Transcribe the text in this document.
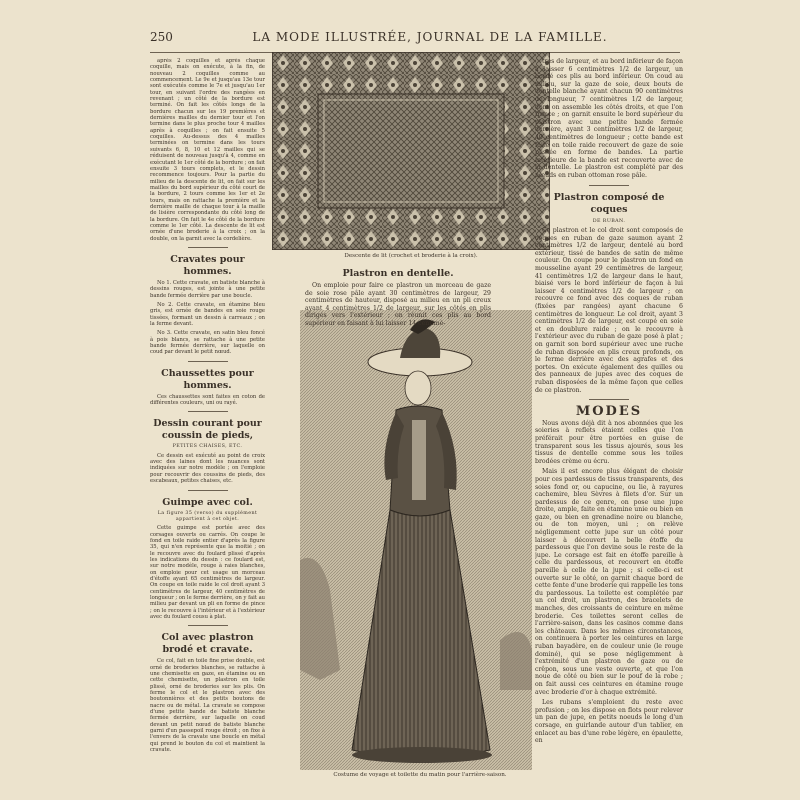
250	LA MODE ILLUSTRÉE, JOURNAL DE LA FAMILLE.
Descente de lit (crochet et broderie à la croix).
Costume de voyage et toilette du matin pour l'arrière-saison.

après 2 coquilles et après chaque coquille, mais on exécute, à la fin, de nouveau 2 coquilles comme au commencement. Le 9e et jusqu'au 13e tour sont exécutés comme le 7e et jusqu'au 1er tour, en suivant l'ordre des rangées en revenant ; un côté de la bordure est terminé. On fait les côtés longs de la bordure chacun sur les 19 premières et dernières mailles du dernier tour et l'on termine dans le plus proche tour 4 mailles après à coquilles ; on fait ensuite 5 coquilles. Au-dessus des 4 mailles terminées on termine dans les tours suivants 6, 8, 10 et 12 mailles qui se réduisent de nouveau jusqu'à 4, comme en exécutant le 1er côté de la bordure ; on fait ensuite 3 tours complets, et le dessin recommence toujours. Pour la partie du milieu de la descente de lit, on fait sur les mailles du bord supérieur du côté court de la bordure, 2 tours comme les 1er et 2e tours, mais on rattache la première et la dernière maille de chaque tour à la maille de lisière correspondante du côté long de la bordure. On fait le 4e côté de la bordure comme le 1er côté. La descente de lit est ornée d'une broderie à la croix ; on la double, on la garnit avec la cordelière.

Cravates pour hommes.

No 1. Cette cravate, en batiste blanche à dessins rouges, est jointe à une petite bande fermée derrière par une boucle.

No 2. Cette cravate, en étamine bleu gris, est ornée de bandes en soie rouge tissées, formant un dessin à carreaux ; on la ferme devant.

No 3. Cette cravate, en satin bleu foncé à pois blancs, se rattache à une petite bande fermée derrière, sur laquelle on coud par devant le petit nœud.

Chaussettes pour hommes.

Ces chaussettes sont faites en coton de différentes couleurs, uni ou rayé.

Dessin courant pour coussin de pieds,
PETITES CHAISES, ETC.

Ce dessin est exécuté au point de croix avec des laines dont les nuances sont indiquées sur notre modèle ; on l'emploie pour recouvrir des coussins de pieds, des escabeaux, petites chaises, etc.

Guimpe avec col.
La figure 35 (verso) du supplément appartient à cet objet.

Cette guimpe est portée avec des corsages ouverts ou carrés. On coupe le fond en toile raide entier d'après la figure 35, qui n'en représente que la moitié ; on le recouvre avec du foulard plissé d'après les indications du dessin : ce foulard est, sur notre modèle, rouge à raies blanches, on emploie pour cet usage un morceau d'étoffe ayant 65 centimètres de largeur. On coupe en toile raide le col droit ayant 3 centimètres de largeur, 40 centimètres de longueur ; on le ferme derrière, on y fait au milieu par devant un pli en forme de pince ; on le recouvre à l'intérieur et à l'extérieur avec du foulard cousu à plat.

Col avec plastron brodé et cravate.

Ce col, fait en toile fine prise double, est orné de broderies blanches, se rattache à une chemisette en gaze, en étamine ou en cette chemisette, un plastron en toile plissé, orné de broderies sur les plis. On ferme le col et le plastron avec des boutonnières et des petits boutons de nacre ou de métal. La cravate se compose d'une petite bande de batiste blanche fermée derrière, sur laquelle on coud devant un petit nœud de batiste blanche garni d'un passepoil rouge étroit ; on fixe à l'envers de la cravate une boucle en métal qui prend le bouton du col et maintient la cravate.

Plastron en dentelle.

On emploie pour faire ce plastron un morceau de gaze de soie rose pâle ayant 30 centimètres de largeur, 29 centimètres de hauteur, disposé au milieu en un pli creux ayant 4 centimètres 1/2 de largeur, sur les côtés en plis dirigés vers l'extérieur ; on réunit ces plis au bord supérieur en faisant à lui laisser 14 centimè-

tres de largeur, et au bord inférieur de façon à laisser 6 centimètres 1/2 de largeur, un bordé ces plis au bord inférieur. On coud au milieu, sur la gaze de soie, deux bouts de dentelle blanche ayant chacun 90 centimètres de longueur, 7 centimètres 1/2 de largeur, dont on assemble les côtés droits, et que l'on fronce ; on garnit ensuite le bord supérieur du plastron avec une petite bande fermée derrière, ayant 3 centimètres 1/2 de largeur, 40 centimètres de longueur ; cette bande est faite en toile raide recouvert de gaze de soie plissée en forme de bandes. La partie intérieure de la bande est recouverte avec de la dentelle. Le plastron est complété par des nœuds en ruban ottoman rose pâle.

Plastron composé de coques
DE RUBAN.

Ce plastron et le col droit sont composés de coques en ruban de gaze saumon ayant 2 centimètres 1/2 de largeur, dentelé au bord extérieur, tissé de bandes de satin de même couleur. On coupe pour le plastron un fond en mousseline ayant 29 centimètres de largeur, 41 centimètres 1/2 de largeur dans le haut, biaisé vers le bord inférieur de façon à lui laisser 4 centimètres 1/2 de largeur ; on recouvre ce fond avec des coques de ruban (fixées par rangées) ayant chacune 6 centimètres de longueur. Le col droit, ayant 3 centimètres 1/2 de largeur, est coupé en soie et en doublure raide ; on le recouvre à l'extérieur avec du ruban de gaze posé à plat ; on garnit son bord supérieur avec une ruche de ruban disposée en plis creux profonds, on le ferme derrière avec des agrafes et des portes. On exécute également des quilles ou des panneaux de jupes avec des coques de ruban disposées de la même façon que celles de ce plastron.

MODES

Nous avons déjà dit à nos abonnées que les soieries à reflets étaient celles que l'on préférait pour être portées en guise de transparent sous les tissus ajourés, sous les tissus de dentelle comme sous les toiles brodées crème ou écru.

Mais il est encore plus élégant de choisir pour ces pardessus de tissus transparents, des soies fond or, ou capucine, ou lie, à rayures cachemire, bleu Sèvres à filets d'or. Sur un pardessus de ce genre, on pose une jupe droite, ample, faite en étamine unie ou bien en gaze, ou bien en grenadine noire ou blanche, ou de ton moyen, uni ; on relève négligemment cette jupe sur un côté pour laisser à découvert la belle étoffe du pardessous que l'on devine sous le reste de la jupe. Le corsage est fait en étoffe pareille à celle du pardessous, et recouvert en étoffe pareille à celle de la jupe ; si celle-ci est ouverte sur le côté, on garnit chaque bord de cette fente d'une broderie qui rappelle les tons du pardessous. La toilette est complétée par un col droit, un plastron, des bracelets de manches, des croissants de ceinture en même broderie. Ces toilettes seront celles de l'arrière-saison, dans les casinos comme dans les châteaux. Dans les mêmes circonstances, on continuera à porter les ceintures en large ruban bayadère, en de couleur unie (le rouge dominé), qui se pose négligemment à l'extrémité d'un plastron de gaze ou de crêpon, sous une veste ouverte, et que l'on noue de côté ou bien sur le pouf de la robe ; on fait aussi ces ceintures en étamine rouge avec broderie d'or à chaque extrémité.

Les rubans s'emploient du reste avec profusion ; on les dispose en flots pour relever un pan de jupe, en petits noeuds le long d'un corsage, en guirlande autour d'un tablier, en enlacet au bas d'une robe légère, en épaulette, en
